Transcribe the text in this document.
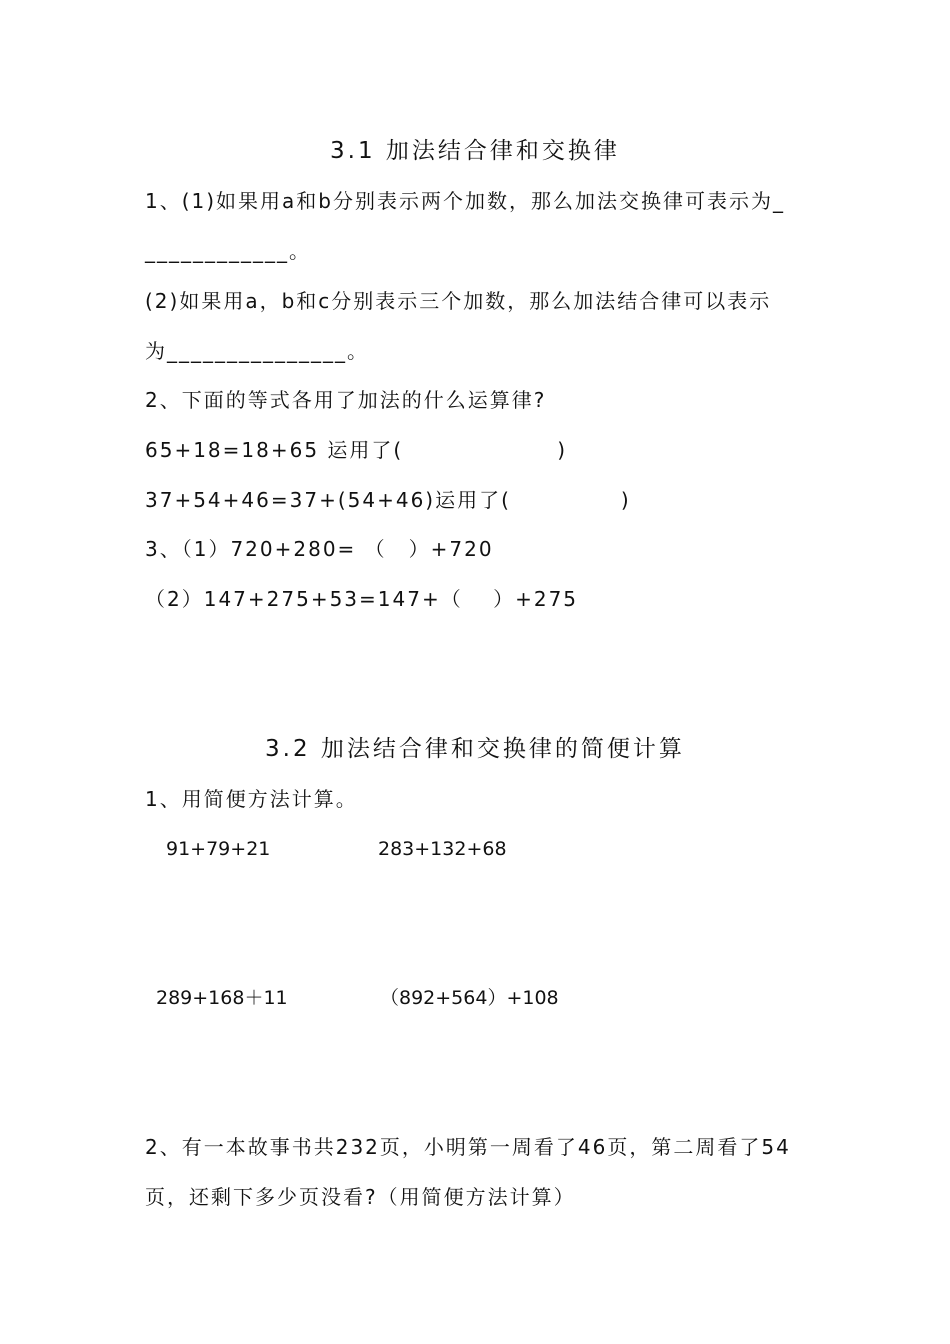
3.1 加法结合律和交换律
1、(1)如果用a和b分别表示两个加数，那么加法交换律可表示为_
____________。
(2)如果用a，b和c分别表示三个加数，那么加法结合律可以表示
为_______________。
2、下面的等式各用了加法的什么运算律?
65+18=18+65 运用了(　　　　　　　)
37+54+46=37+(54+46)运用了(　　　　　)
3、（1）720+280= （　）+720
（2）147+275+53=147+（　 ）+275
3.2 加法结合律和交换律的简便计算
1、用简便方法计算。
91+79+21	283+132+68
289+168＋11	（892+564）+108
2、有一本故事书共232页，小明第一周看了46页，第二周看了54
页，还剩下多少页没看?（用简便方法计算）
